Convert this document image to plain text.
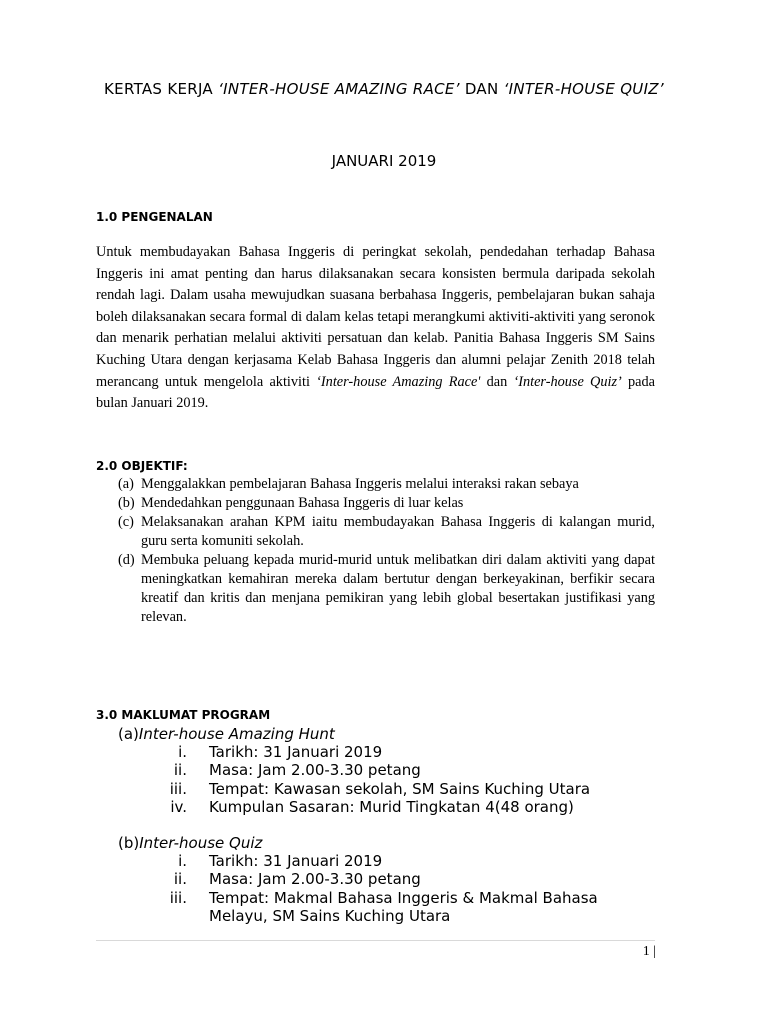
KERTAS KERJA ‘INTER-HOUSE AMAZING RACE’ DAN ‘INTER-HOUSE QUIZ’
JANUARI 2019
1.0 PENGENALAN

Untuk membudayakan Bahasa Inggeris di peringkat sekolah, pendedahan terhadap Bahasa Inggeris ini amat penting dan harus dilaksanakan secara konsisten bermula daripada sekolah rendah lagi. Dalam usaha mewujudkan suasana berbahasa Inggeris, pembelajaran bukan sahaja boleh dilaksanakan secara formal di dalam kelas tetapi merangkumi aktiviti-aktiviti yang seronok dan menarik perhatian melalui aktiviti persatuan dan kelab. Panitia Bahasa Inggeris SM Sains Kuching Utara dengan kerjasama Kelab Bahasa Inggeris dan alumni pelajar Zenith 2018 telah merancang untuk mengelola aktiviti ‘Inter-house Amazing Race' dan ‘Inter-house Quiz’ pada bulan Januari 2019.

2.0 OBJEKTIF:
(a) Menggalakkan pembelajaran Bahasa Inggeris melalui interaksi rakan sebaya
(b) Mendedahkan penggunaan Bahasa Inggeris di luar kelas
(c) Melaksanakan arahan KPM iaitu membudayakan Bahasa Inggeris di kalangan murid, guru serta komuniti sekolah.
(d) Membuka peluang kepada murid-murid untuk melibatkan diri dalam aktiviti yang dapat meningkatkan kemahiran mereka dalam bertutur dengan berkeyakinan, berfikir secara kreatif dan kritis dan menjana pemikiran yang lebih global besertakan justifikasi yang relevan.
3.0 MAKLUMAT PROGRAM
(a)Inter-house Amazing Hunt
i.	Tarikh: 31 Januari 2019
ii.	Masa: Jam 2.00-3.30 petang
iii.	Tempat: Kawasan sekolah, SM Sains Kuching Utara
iv.	Kumpulan Sasaran: Murid Tingkatan 4(48 orang)
(b)Inter-house Quiz
i.	Tarikh: 31 Januari 2019
ii.	Masa: Jam 2.00-3.30 petang
iii.	Tempat: Makmal Bahasa Inggeris & Makmal Bahasa Melayu, SM Sains Kuching Utara
1 |
